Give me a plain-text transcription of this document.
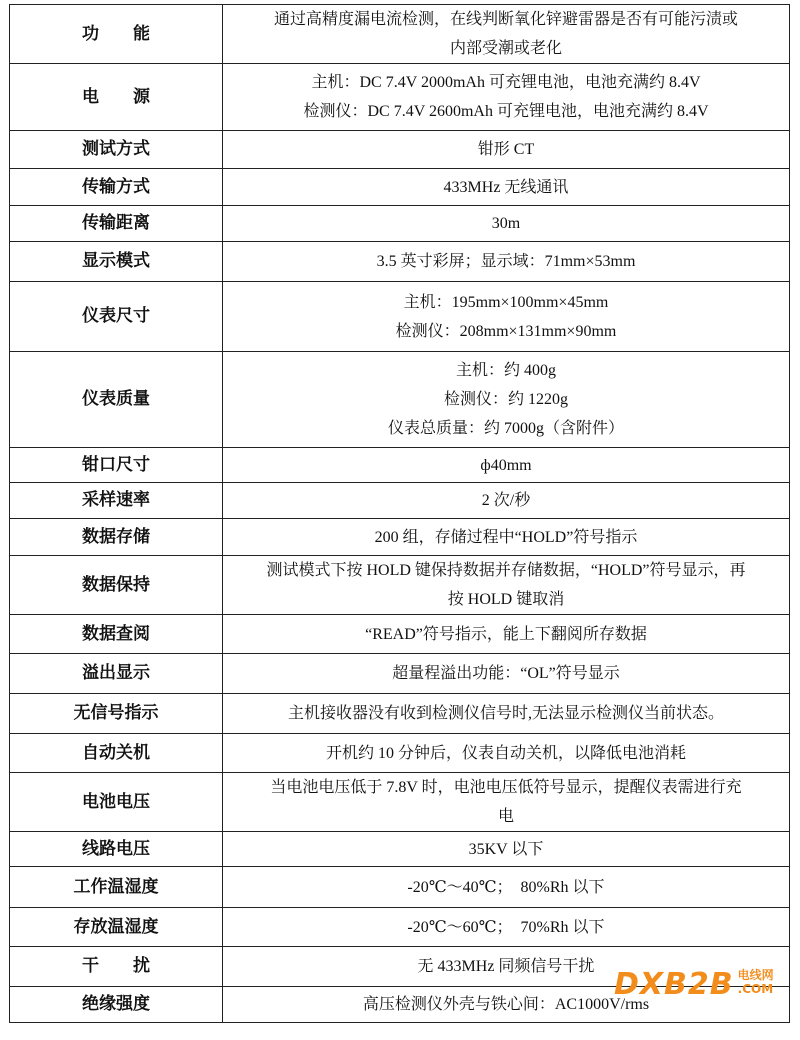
功　　能	通过高精度漏电流检测，在线判断氧化锌避雷器是否有可能污渍或
内部受潮或老化

电　　源	主机：DC 7.4V 2000mAh 可充锂电池，电池充满约 8.4V
检测仪：DC 7.4V 2600mAh 可充锂电池，电池充满约 8.4V

测试方式	钳形 CT

传输方式	433MHz 无线通讯

传输距离	30m

显示模式	3.5 英寸彩屏；显示域：71mm×53mm

仪表尺寸	主机：195mm×100mm×45mm
检测仪：208mm×131mm×90mm

仪表质量	主机：约 400g
检测仪：约 1220g
仪表总质量：约 7000g（含附件）

钳口尺寸	ф40mm

采样速率	2 次/秒

数据存储	200 组，存储过程中“HOLD”符号指示

数据保持	测试模式下按 HOLD 键保持数据并存储数据，“HOLD”符号显示，再
按 HOLD 键取消

数据查阅	“READ”符号指示，能上下翻阅所存数据

溢出显示	超量程溢出功能：“OL”符号显示

无信号指示	主机接收器没有收到检测仪信号时,无法显示检测仪当前状态。

自动关机	开机约 10 分钟后，仪表自动关机，以降低电池消耗

电池电压	当电池电压低于 7.8V 时，电池电压低符号显示，提醒仪表需进行充
电

线路电压	35KV 以下

工作温湿度	-20℃～40℃；　80%Rh 以下

存放温湿度	-20℃～60℃；　70%Rh 以下

干　　扰	无 433MHz 同频信号干扰

绝缘强度	高压检测仪外壳与铁心间：AC1000V/rms
DXB2B 电线网
.COM
